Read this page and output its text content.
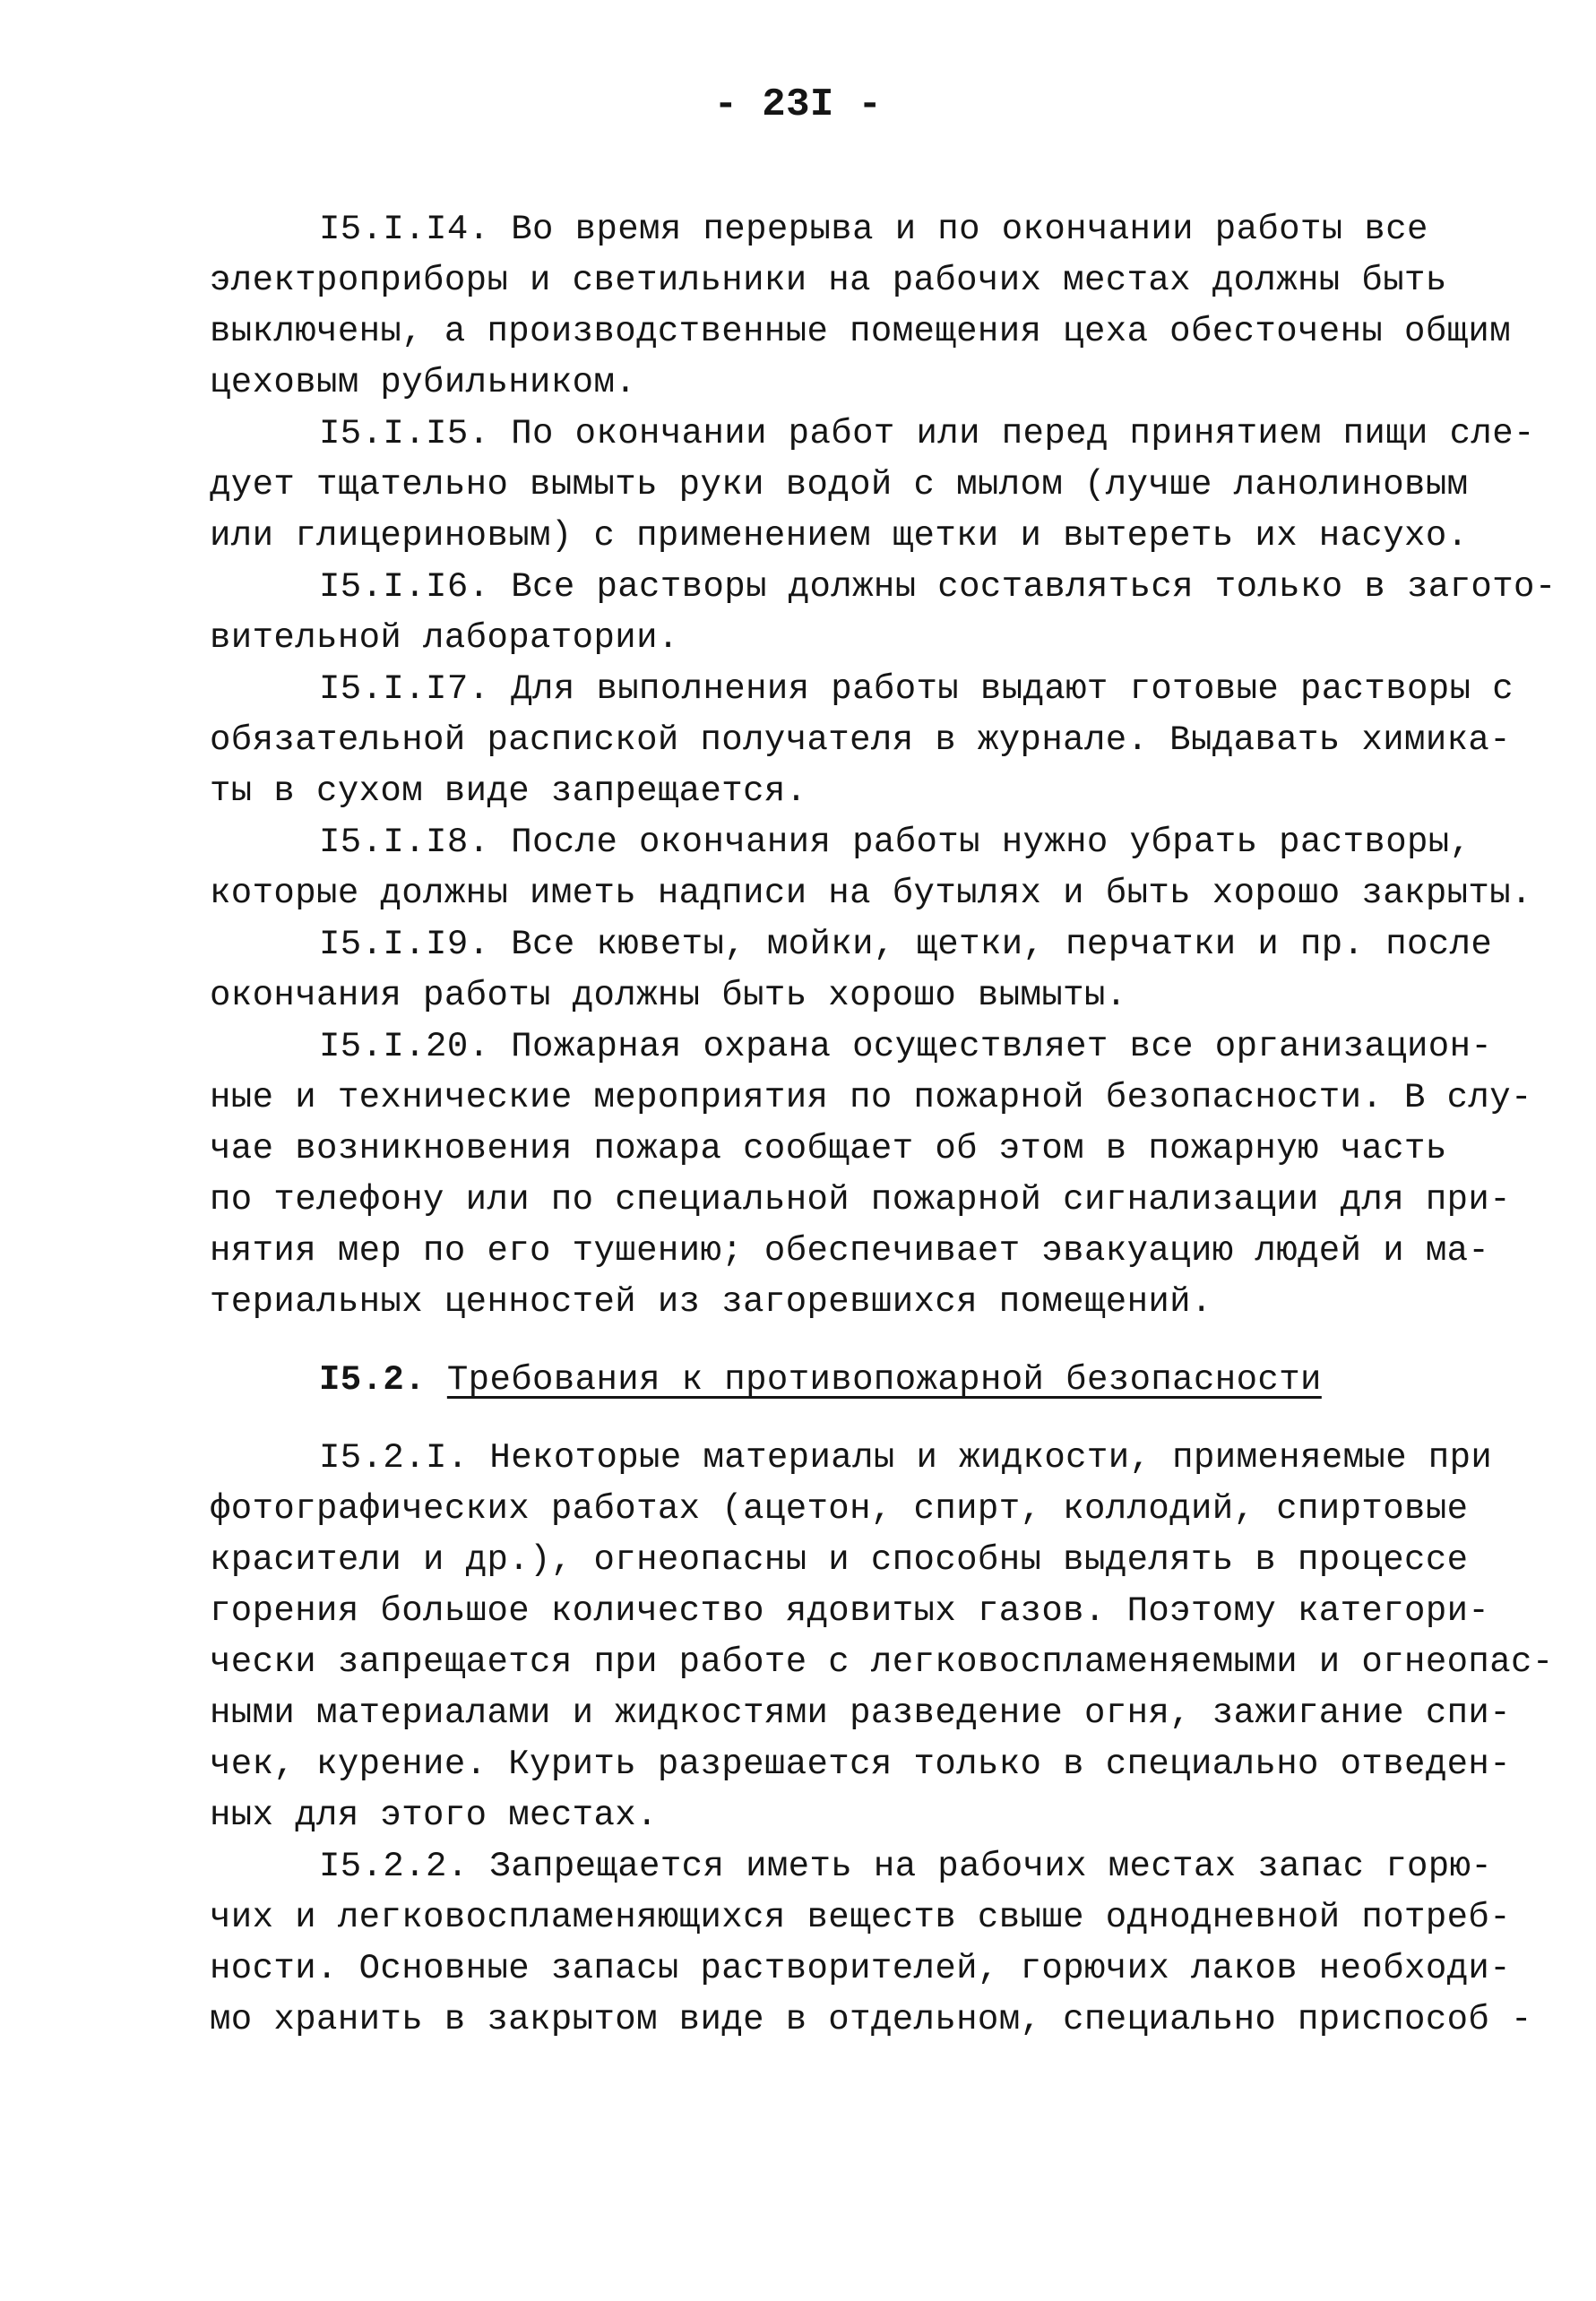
- 23I -
I5.I.I4. Во время перерыва и по окончании работы все
электроприборы и светильники на рабочих местах должны быть
выключены, а производственные помещения цеха обесточены общим
цеховым рубильником.
I5.I.I5. По окончании работ или перед принятием пищи сле-
дует тщательно вымыть руки водой с мылом (лучше ланолиновым
или глицериновым) с применением щетки и вытереть их насухо.
I5.I.I6. Все растворы должны составляться только в загото-
вительной лаборатории.
I5.I.I7. Для выполнения работы выдают готовые растворы с
обязательной распиской получателя в журнале. Выдавать химика-
ты в сухом виде запрещается.
I5.I.I8. После окончания работы нужно убрать растворы,
которые должны иметь надписи на бутылях и быть хорошо закрыты.
I5.I.I9. Все кюветы, мойки, щетки, перчатки и пр. после
окончания работы должны быть хорошо вымыты.
I5.I.20. Пожарная охрана осуществляет все организацион-
ные и технические мероприятия по пожарной безопасности. В слу-
чае возникновения пожара сообщает об этом в пожарную часть
по телефону или по специальной пожарной сигнализации для при-
нятия мер по его тушению; обеспечивает эвакуацию людей и ма-
териальных ценностей из загоревшихся помещений.
I5.2. Требования к противопожарной безопасности
I5.2.I. Некоторые материалы и жидкости, применяемые при
фотографических работах (ацетон, спирт, коллодий, спиртовые
красители и др.), огнеопасны и способны выделять в процессе
горения большое количество ядовитых газов. Поэтому категори-
чески запрещается при работе с легковоспламеняемыми и огнеопас-
ными материалами и жидкостями разведение огня, зажигание спи-
чек, курение. Курить разрешается только в специально отведен-
ных для этого местах.
I5.2.2. Запрещается иметь на рабочих местах запас горю-
чих и легковоспламеняющихся веществ свыше однодневной потреб-
ности. Основные запасы растворителей, горючих лаков необходи-
мо хранить в закрытом виде в отдельном, специально приспособ -
